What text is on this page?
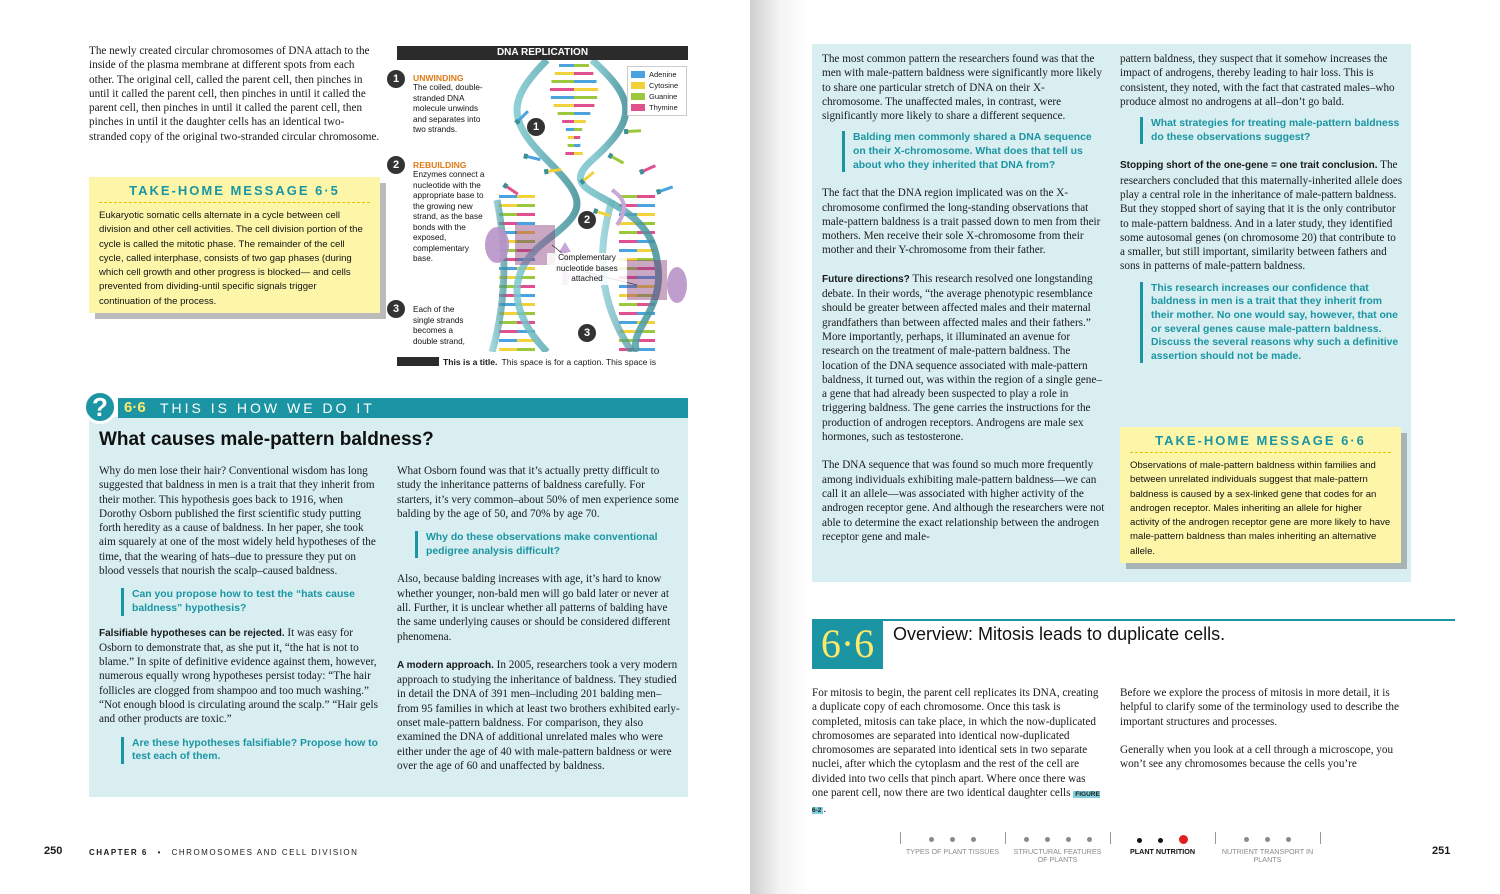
The newly created circular chromosomes of DNA attach to the inside of the plasma membrane at different spots from each other. The original cell, called the parent cell, then pinches in until it called the parent cell, then pinches in until it called the parent cell, then pinches in until it called the parent cell, then pinches in until it the daughter cells has an identical two-stranded copy of the original two-stranded circular chromosome.

TAKE-HOME MESSAGE 6·5
Eukaryotic somatic cells alternate in a cycle between cell division and other cell activities. The cell division portion of the cycle is called the mitotic phase. The remainder of the cell cycle, called interphase, consists of two gap phases (during which cell growth and other progress is blocked— and cells prevented from dividing-until specific signals trigger continuation of the process.
DNA REPLICATION
Adenine
Cytosine
Guanine
Thymine
1	UNWINDING
The coiled, double-stranded DNA molecule unwinds and separates into two strands.
2	REBUILDING
Enzymes connect a nucleotide with the appropriate base to the growing new strand, as the base bonds with the exposed, complementary base.
3	Each of the single strands becomes a double strand,
1
2
3
Complementary nucleotide bases attached
This is a title. This space is for a caption. This space is
6·6 THIS IS HOW WE DO IT
?
What causes male-pattern baldness?

Why do men lose their hair? Conventional wisdom has long suggested that baldness in men is a trait that they inherit from their mother. This hypothesis goes back to 1916, when Dorothy Osborn published the first scientific study putting forth heredity as a cause of baldness. In her paper, she took aim squarely at one of the most widely held hypotheses of the time, that the wearing of hats–due to pressure they put on blood vessels that nourish the scalp–caused baldness.

Can you propose how to test the “hats cause baldness” hypothesis?

Falsifiable hypotheses can be rejected. It was easy for Osborn to demonstrate that, as she put it, “the hat is not to blame.” In spite of definitive evidence against them, however, numerous equally wrong hypotheses persist today: “The hair follicles are clogged from shampoo and too much washing.” “Not enough blood is circulating around the scalp.” “Hair gels and other products are toxic.”

Are these hypotheses falsifiable? Propose how to test each of them.

What Osborn found was that it’s actually pretty difficult to study the inheritance patterns of baldness carefully. For starters, it’s very common–about 50% of men experience some balding by the age of 50, and 70% by age 70.

Why do these observations make conventional pedigree analysis difficult?

Also, because balding increases with age, it’s hard to know whether younger, non-bald men will go bald later or never at all. Further, it is unclear whether all patterns of balding have the same underlying causes or should be considered different phenomena.

A modern approach. In 2005, researchers took a very modern approach to studying the inheritance of baldness. They studied in detail the DNA of 391 men–including 201 balding men–from 95 families in which at least two brothers exhibited early-onset male-pattern baldness. For comparison, they also examined the DNA of additional unrelated males who were either under the age of 40 with male-pattern baldness or were over the age of 60 and unaffected by baldness.

250	CHAPTER 6 • CHROMOSOMES AND CELL DIVISION

The most common pattern the researchers found was that the men with male-pattern baldness were significantly more likely to share one particular stretch of DNA on their X-chromosome. The unaffected males, in contrast, were significantly more likely to share a different sequence.

Balding men commonly shared a DNA sequence on their X-chromosome. What does that tell us about who they inherited that DNA from?

The fact that the DNA region implicated was on the X-chromosome confirmed the long-standing observations that male-pattern baldness is a trait passed down to men from their mothers. Men receive their sole X-chromosome from their mother and their Y-chromosome from their father.

Future directions? This research resolved one longstanding debate. In their words, “the average phenotypic resemblance should be greater between affected males and their maternal grandfathers than between affected males and their fathers.” More importantly, perhaps, it illuminated an avenue for research on the treatment of male-pattern baldness. The location of the DNA sequence associated with male-pattern baldness, it turned out, was within the region of a single gene–a gene that had already been suspected to play a role in triggering baldness. The gene carries the instructions for the production of androgen receptors. Androgens are male sex hormones, such as testosterone.

The DNA sequence that was found so much more frequently among individuals exhibiting male-pattern baldness—we can call it an allele—was associated with higher activity of the androgen receptor gene. And although the researchers were not able to determine the exact relationship between the androgen receptor gene and male-

pattern baldness, they suspect that it somehow increases the impact of androgens, thereby leading to hair loss. This is consistent, they noted, with the fact that castrated males–who produce almost no androgens at all–don’t go bald.

What strategies for treating male-pattern baldness do these observations suggest?

Stopping short of the one-gene = one trait conclusion. The researchers concluded that this maternally-inherited allele does play a central role in the inheritance of male-pattern baldness. But they stopped short of saying that it is the only contributor to male-pattern baldness. And in a later study, they identified some autosomal genes (on chromosome 20) that contribute to a smaller, but still important, similarity between fathers and sons in patterns of male-pattern baldness.

This research increases our confidence that baldness in men is a trait that they inherit from their mother. No one would say, however, that one or several genes cause male-pattern baldness. Discuss the several reasons why such a definitive assertion should not be made.

TAKE-HOME MESSAGE 6·6
Observations of male-pattern baldness within families and between unrelated individuals suggest that male-pattern baldness is caused by a sex-linked gene that codes for an androgen receptor. Males inheriting an allele for higher activity of the androgen receptor gene are more likely to have male-pattern baldness than males inheriting an alternative allele.
6·6	Overview: Mitosis leads to duplicate cells.

For mitosis to begin, the parent cell replicates its DNA, creating a duplicate copy of each chromosome. Once this task is completed, mitosis can take place, in which the now-duplicated chromosomes are separated into identical now-duplicated chromosomes are separated into identical sets in two separate nuclei, after which the cytoplasm and the rest of the cell are divided into two cells that pinch apart. Where once there was one parent cell, now there are two identical daughter cells FIGURE 6-2 .

Before we explore the process of mitosis in more detail, it is helpful to clarify some of the terminology used to describe the important structures and processes.

Generally when you look at a cell through a microscope, you won’t see any chromosomes because the cells you’re

TYPES OF PLANT TISSUES	STRUCTURAL FEATURES OF PLANTS
PLANT NUTRITION	NUTRIENT TRANSPORT IN PLANTS
251
